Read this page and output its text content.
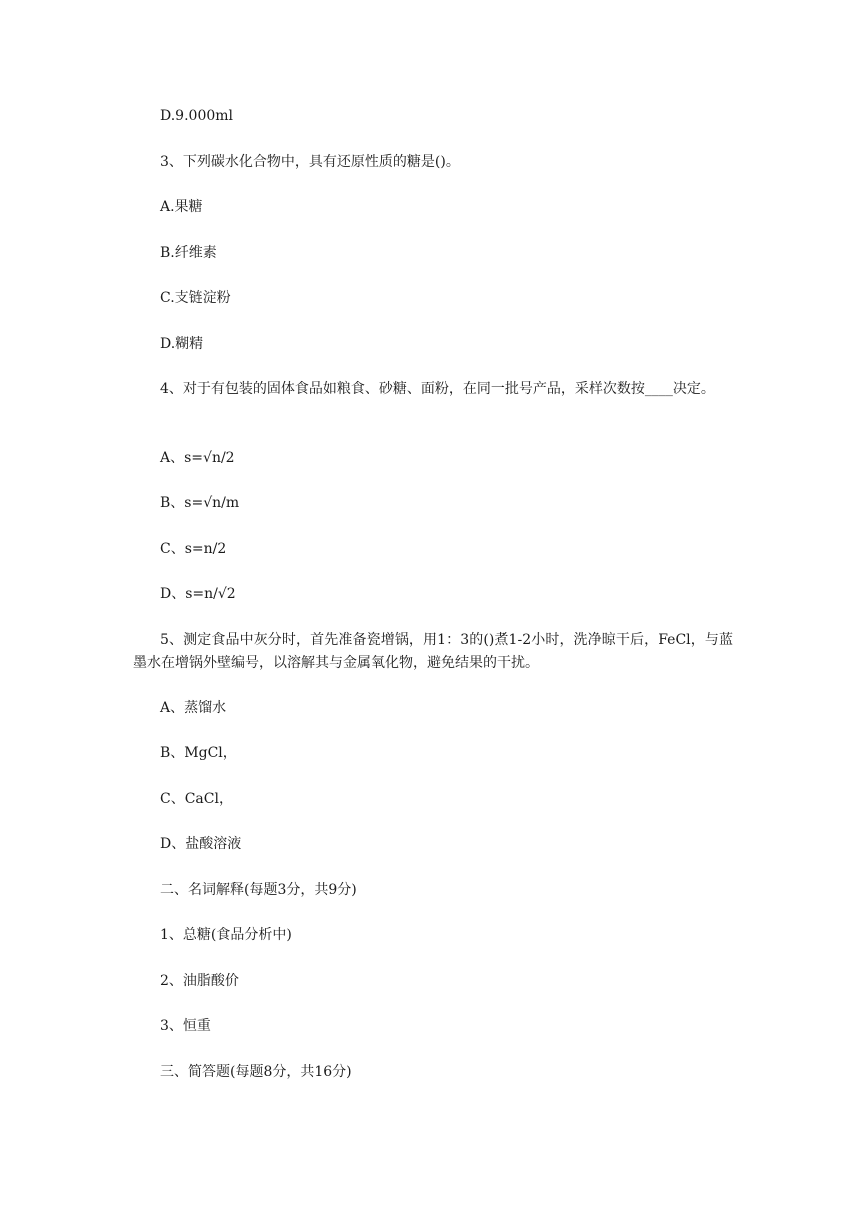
D.9.000ml
3、下列碳水化合物中，具有还原性质的糖是()。
A.果糖
B.纤维素
C.支链淀粉
D.糊精
4、对于有包装的固体食品如粮食、砂糖、面粉，在同一批号产品，采样次数按____决定。
A、s=√n/2
B、s=√n/m
C、s=n/2
D、s=n/√2
5、测定食品中灰分时，首先准备瓷增锅，用1：3的()煮1-2小时，洗净晾干后，FeCl，与蓝墨水在增锅外壁编号，以溶解其与金属氧化物，避免结果的干扰。
A、蒸馏水
B、MgCl，
C、CaCl，
D、盐酸溶液
二、名词解释(每题3分，共9分)
1、总糖(食品分析中)
2、油脂酸价
3、恒重
三、简答题(每题8分，共16分)
